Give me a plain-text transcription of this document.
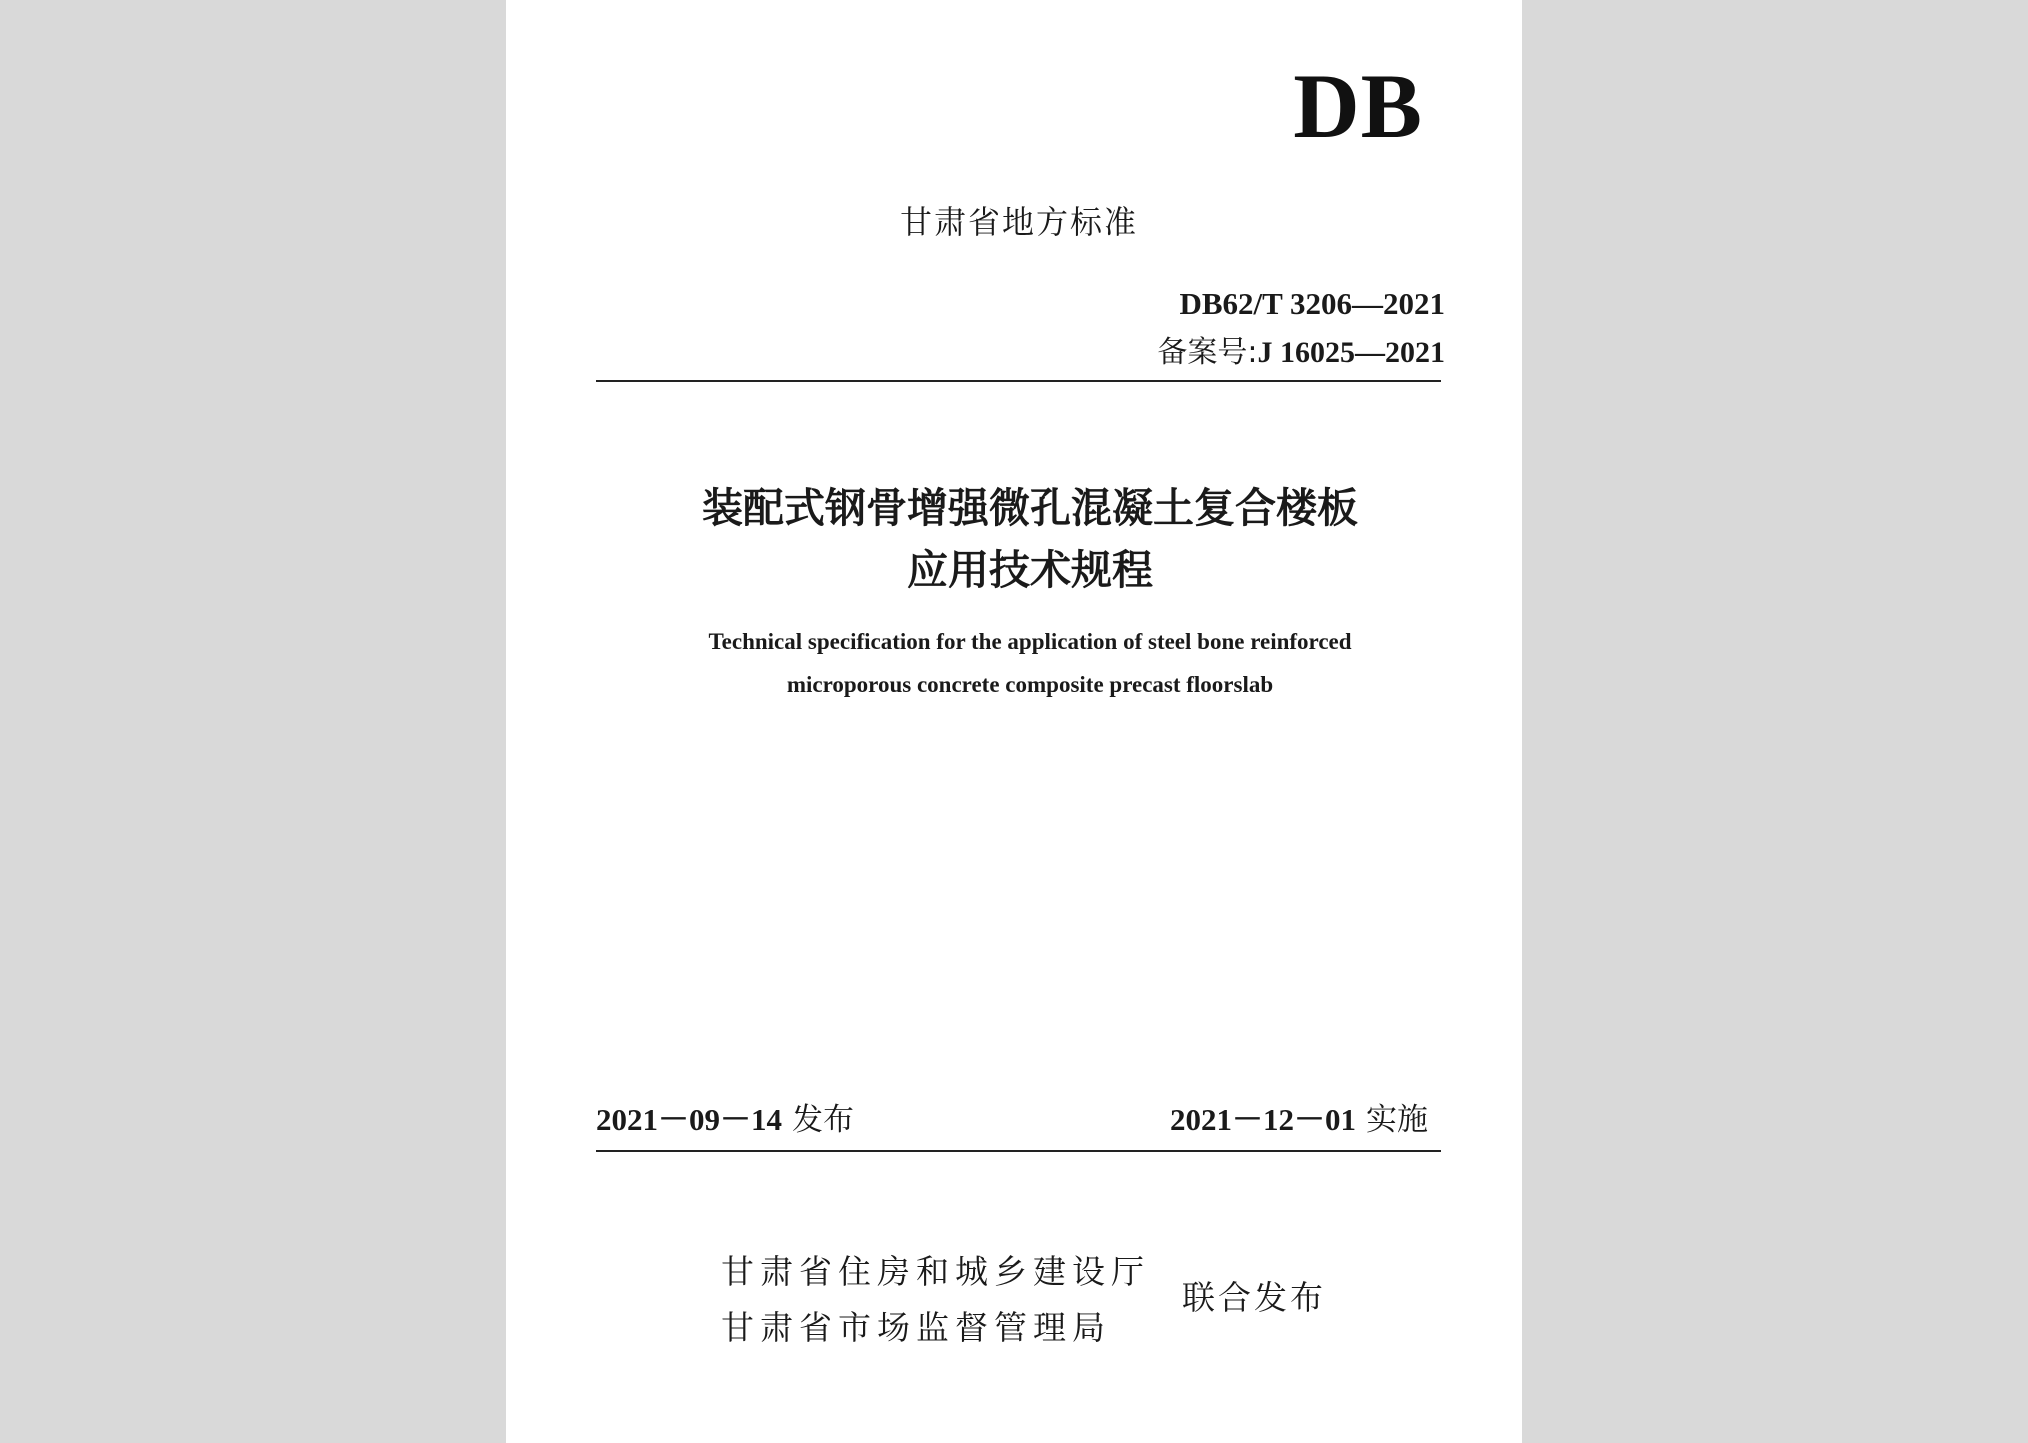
DB
甘肃省地方标准
DB62/T 3206—2021
备案号:J 16025—2021
装配式钢骨增强微孔混凝土复合楼板
应用技术规程
Technical specification for the application of steel bone reinforced
microporous concrete composite precast floorslab
2021－09－14 发布	2021－12－01 实施
甘肃省住房和城乡建设厅
甘肃省市场监督管理局
联合发布
